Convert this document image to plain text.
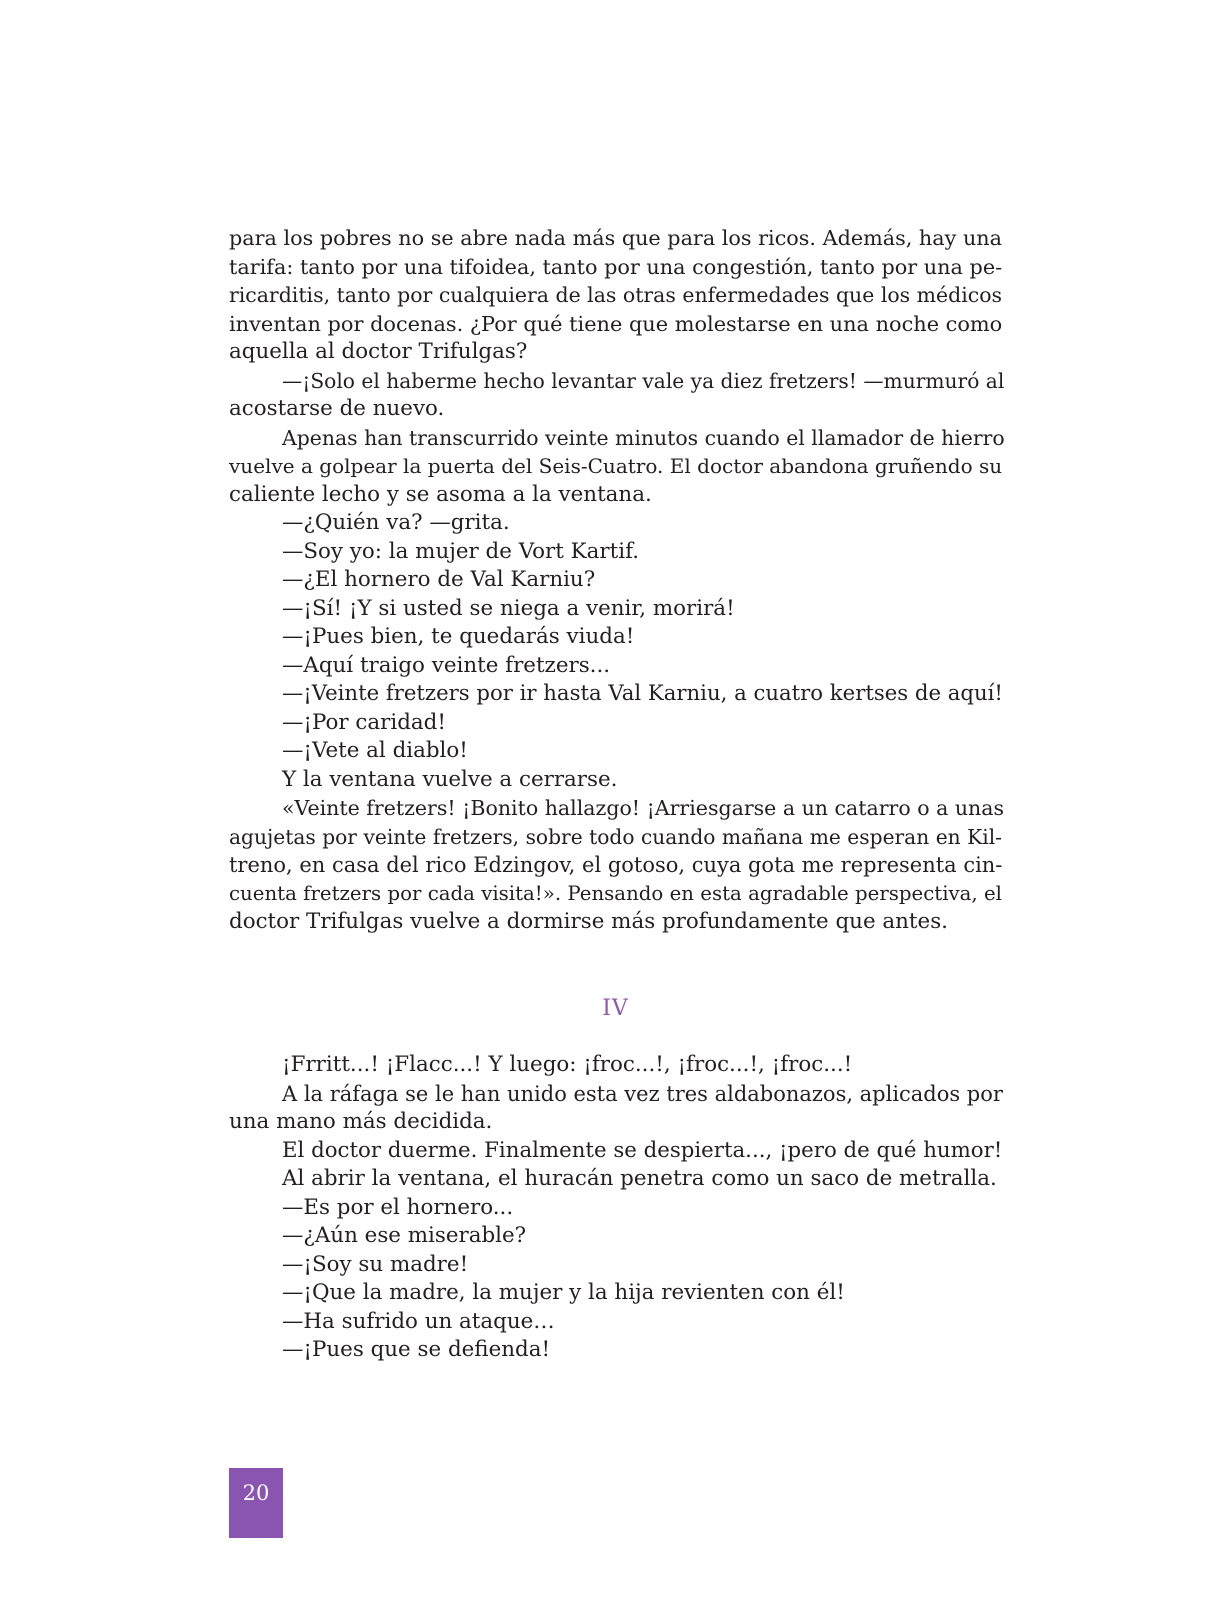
para los pobres no se abre nada más que para los ricos. Además, hay una
tarifa: tanto por una tifoidea, tanto por una congestión, tanto por una pe-
ricarditis, tanto por cualquiera de las otras enfermedades que los médicos
inventan por docenas. ¿Por qué tiene que molestarse en una noche como
aquella al doctor Trifulgas?
—¡Solo el haberme hecho levantar vale ya diez fretzers! —murmuró al
acostarse de nuevo.
Apenas han transcurrido veinte minutos cuando el llamador de hierro
vuelve a golpear la puerta del Seis-Cuatro. El doctor abandona gruñendo su
caliente lecho y se asoma a la ventana.
—¿Quién va? —grita.
—Soy yo: la mujer de Vort Kartif.
—¿El hornero de Val Karniu?
—¡Sí! ¡Y si usted se niega a venir, morirá!
—¡Pues bien, te quedarás viuda!
—Aquí traigo veinte fretzers...
—¡Veinte fretzers por ir hasta Val Karniu, a cuatro kertses de aquí!
—¡Por caridad!
—¡Vete al diablo!
Y la ventana vuelve a cerrarse.
«Veinte fretzers! ¡Bonito hallazgo! ¡Arriesgarse a un catarro o a unas
agujetas por veinte fretzers, sobre todo cuando mañana me esperan en Kil-
treno, en casa del rico Edzingov, el gotoso, cuya gota me representa cin-
cuenta fretzers por cada visita!». Pensando en esta agradable perspectiva, el
doctor Trifulgas vuelve a dormirse más profundamente que antes.
IV
¡Frritt...! ¡Flacc...! Y luego: ¡froc...!, ¡froc...!, ¡froc...!
A la ráfaga se le han unido esta vez tres aldabonazos, aplicados por
una mano más decidida.
El doctor duerme. Finalmente se despierta..., ¡pero de qué humor!
Al abrir la ventana, el huracán penetra como un saco de metralla.
—Es por el hornero...
—¿Aún ese miserable?
—¡Soy su madre!
—¡Que la madre, la mujer y la hija revienten con él!
—Ha sufrido un ataque…
—¡Pues que se defienda!
20
